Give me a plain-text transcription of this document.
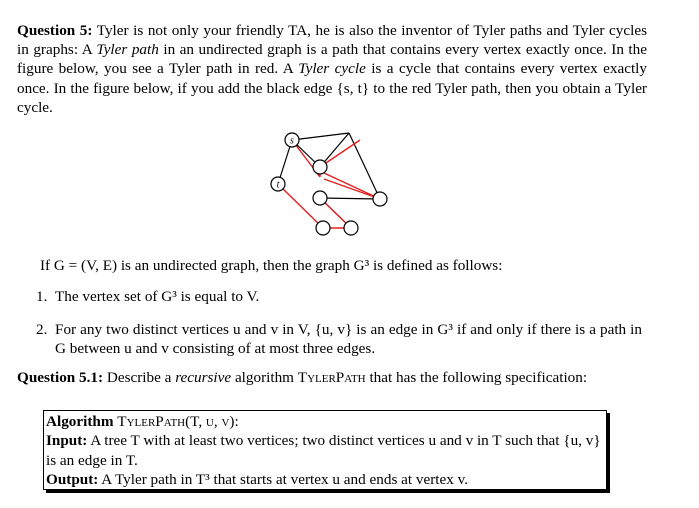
Question 5: Tyler is not only your friendly TA, he is also the inventor of Tyler paths and Tyler cycles in graphs: A Tyler path in an undirected graph is a path that contains every vertex exactly once. In the figure below, you see a Tyler path in red. A Tyler cycle is a cycle that contains every vertex exactly once. In the figure below, if you add the black edge {s, t} to the red Tyler path, then you obtain a Tyler cycle.
s
t
If G = (V, E) is an undirected graph, then the graph G³ is defined as follows:
1. The vertex set of G³ is equal to V.
2. For any two distinct vertices u and v in V, {u, v} is an edge in G³ if and only if there is a path in G between u and v consisting of at most three edges.
Question 5.1: Describe a recursive algorithm TylerPath that has the following specification:
Algorithm TylerPath(T, u, v):
Input: A tree T with at least two vertices; two distinct vertices u and v in T such that {u, v} is an edge in T.
Output: A Tyler path in T³ that starts at vertex u and ends at vertex v.
